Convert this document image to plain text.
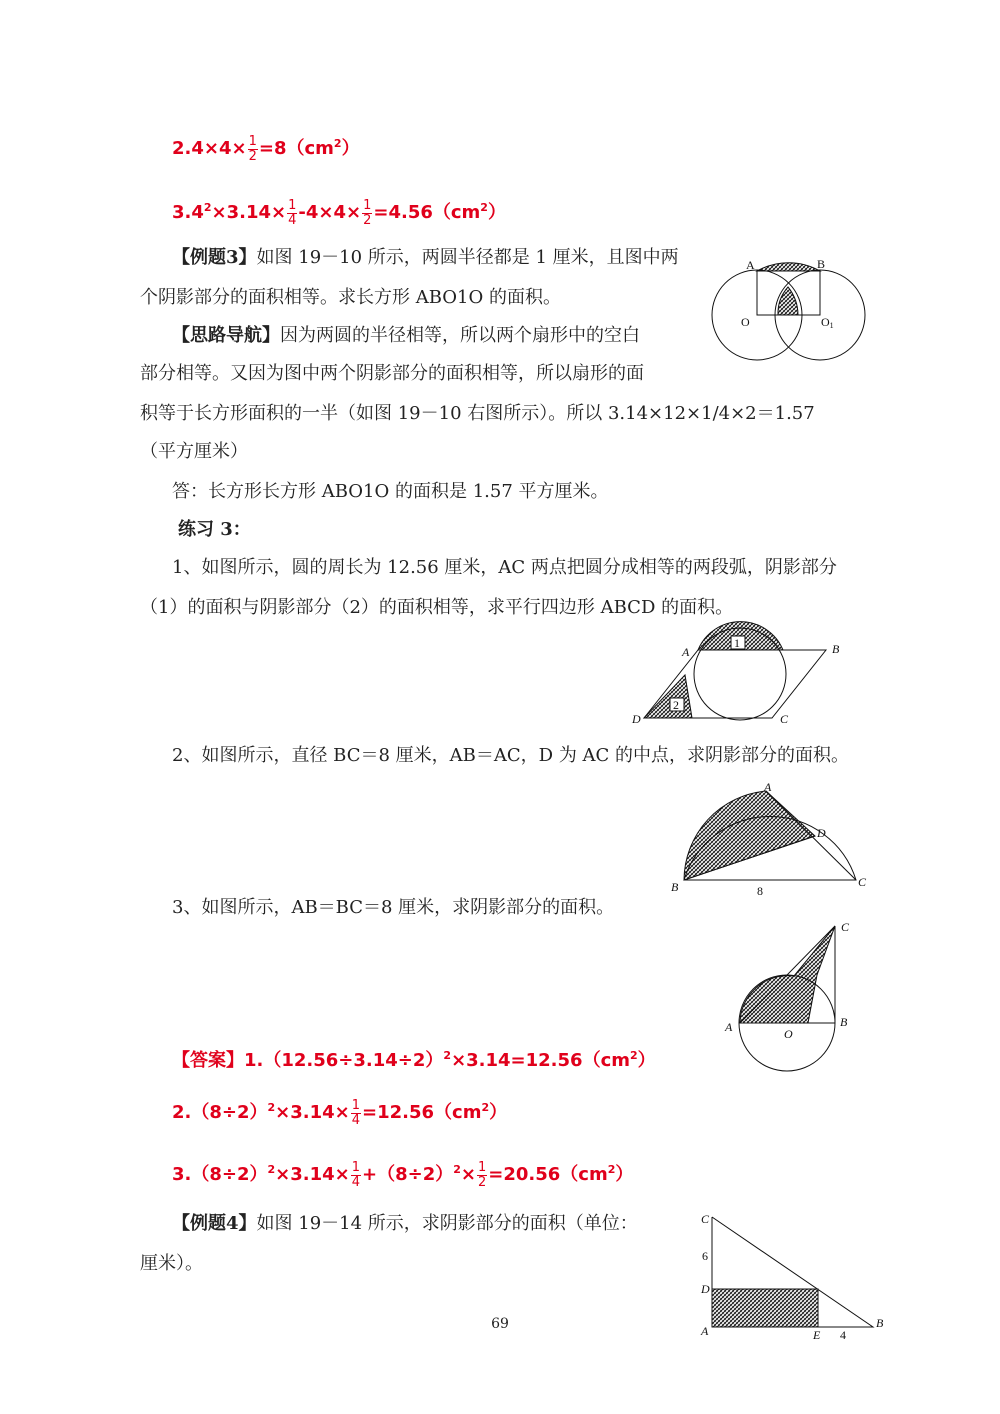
$2.4\times 4\times \frac{1}{2} =8(cm^2)$
$3.4^2\times 3.14\times \frac{1}{4} -4\times 4\times \frac{1}{2} =4.56(cm^2)$
【例题3】如图 19－10 所示，两圆半径都是 1 厘米，且图中两
个阴影部分的面积相等。求长方形 ABO1O 的面积。
【思路导航】因为两圆的半径相等，所以两个扇形中的空白
部分相等。又因为图中两个阴影部分的面积相等，所以扇形的面
积等于长方形面积的一半（如图 19－10 右图所示）。所以 3.14×12×1/4×2＝1.57
（平方厘米）
答：长方形长方形 ABO1O 的面积是 1.57 平方厘米。
A	B
O	O1
练习 3：
1、如图所示，圆的周长为 12.56 厘米，AC 两点把圆分成相等的两段弧，阴影部分
（1）的面积与阴影部分（2）的面积相等，求平行四边形 ABCD 的面积。
1
2
A	B
C
D
2、如图所示，直径 BC＝8 厘米，AB＝AC，D 为 AC 的中点，求阴影部分的面积。
A
B	C
D
8
3、如图所示，AB＝BC＝8 厘米，求阴影部分的面积。
C
A	B
O
【答案】$1.(12.56\div 3.14\div 2)^2\times 3.14=12.56(cm^2)$
$2.(8\div 2)^2\times 3.14\times \frac{1}{4} =12.56(cm^2)$
$3.(8\div 2)^2\times 3.14\times \frac{1}{4} +(8\div 2)^2\times \frac{1}{2} =20.56(cm^2)$
【例题4】如图 19－14 所示，求阴影部分的面积（单位：
厘米）。
C
6
D
A	E 4
B
69
